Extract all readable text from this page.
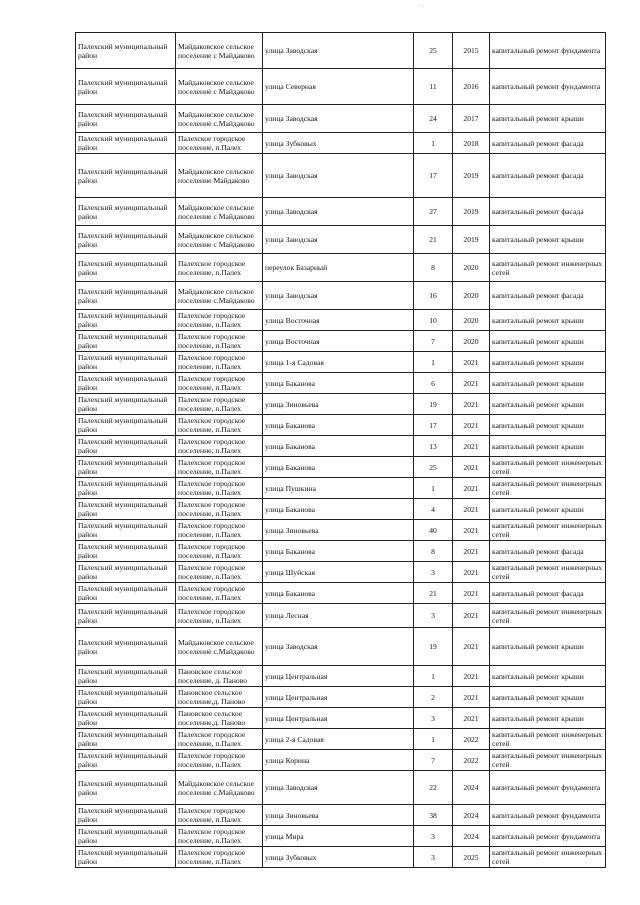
· .
Палехский муниципальный район	Майдаковское сельское поселение с Майдаково	улица Заводская	25	2015	капитальный ремонт фундамента
Палехский муниципальный район	Майдаковское сельское поселение с Майдаково	улица Северная	11	2016	капитальный ремонт фундамента
Палехский муниципальный район	Майдаковское сельское поселение с.Майдаково	улица Заводская	24	2017	капитальный ремонт крыши
Палехский муниципальный район	Палехское городское поселение, п.Палех	улица Зубковых	1	2018	капитальный ремонт фасада
Палехский муниципальный район	Майдаковское сельское поселение Майдаково	улица Заводская	17	2019	капитальный ремонт фасада
Палехский муниципальный район	Майдаковское сельское поселение с Майдаково	улица Заводская	27	2019	капитальный ремонт фасада
Палехский муниципальный район	Майдаковское сельское поселение с Майдаково	улица Заводская	21	2019	капитальный ремонт крыши
Палехский муниципальный район	Палехское городское поселение, п.Палех	переулок Базарный	8	2020	капитальный ремонт инженерных сетей
Палехский муниципальный район	Майдаковское сельское поселение с.Майдаково	улица Заводская	16	2020	капитальный ремонт фасада
Палехский муниципальный район	Палехское городское поселение, п.Палех	улица Восточная	10	2020	капитальный ремонт крыши
Палехский муниципальный район	Палехское городское поселение, п.Палех	улица Восточная	7	2020	капитальный ремонт крыши
Палехский муниципальный район	Палехское городское поселение, п.Палех	улица 1-я Садовая	1	2021	капитальный ремонт крыши
Палехский муниципальный район	Палехское городское поселение, п.Палех	улица Баканова	6	2021	капитальный ремонт крыши
Палехский муниципальный район	Палехское городское поселение, п.Палех	улица Зиновьева	19	2021	капитальный ремонт крыши
Палехский муниципальный район	Палехское городское поселение, п.Палех	улица Баканова	17	2021	капитальный ремонт крыши
Палехский муниципальный район	Палехское городское поселение, п.Палех	улица Баканова	13	2021	капитальный ремонт крыши
Палехский муниципальный район	Палехское городское поселение, п.Палех	улица Баканова	25	2021	капитальный ремонт инженерных сетей
Палехский муниципальный район	Палехское городское поселение, п.Палех	улица Пушкина	1	2021	капитальный ремонт инженерных сетей
Палехский муниципальный район	Палехское городское поселение, п.Палех	улица Баканова	4	2021	капитальный ремонт крыши
Палехский муниципальный район	Палехское городское поселение, п.Палех	улица Зиновьева	40	2021	капитальный ремонт инженерных сетей
Палехский муниципальный район	Палехское городское поселение, п.Палех	улица Баканова	8	2021	капитальный ремонт фасада
Палехский муниципальный район	Палехское городское поселение, п.Палех	улица Шуйская	3	2021	капитальный ремонт инженерных сетей
Палехский муниципальный район	Палехское городское поселение, п.Палех	улица Баканова	21	2021	капитальный ремонт фасада
Палехский муниципальный район	Палехское городское поселение, п.Палех	улица Лесная	3	2021	капитальный ремонт инженерных сетей
Палехский муниципальный район	Майдаковское сельское поселение с.Майдаково	улица Заводская	19	2021	капитальный ремонт крыши
Палехский муниципальный район	Пановское сельское поселение, д. Паново	улица Центральная	1	2021	капитальный ремонт крыши
Палехский муниципальный район	Пановское сельское поселение,д. Паново	улица Центральная	2	2021	капитальный ремонт крыши
Палехский муниципальный район	Пановское сельское поселение,д. Паново	улица Центральная	3	2021	капитальный ремонт крыши
Палехский муниципальный район	Палехское городское поселение, п.Палех	улица 2-я Садовая	1	2022	капитальный ремонт инженерных сетей
Палехский муниципальный район	Палехское городское поселение, п.Палех	улица Корина	7	2022	капитальный ремонт инженерных сетей
Палехский муниципальный район	Майдаковское сельское поселение с.Майдаково	улица Заводская	22	2024	капитальный ремонт фундамента
Палехский муниципальный район	Палехское городское поселение, п.Палех	улица Зиновьева	38	2024	капитальный ремонт фундамента
Палехский муниципальный район	Палехское городское поселение, п.Палех	улица Мира	3	2024	капитальный ремонт фундамента
Палехский муниципальный район	Палехское городское поселение, п.Палех	улица Зубковых	3	2025	капитальный ремонт инженерных сетей
